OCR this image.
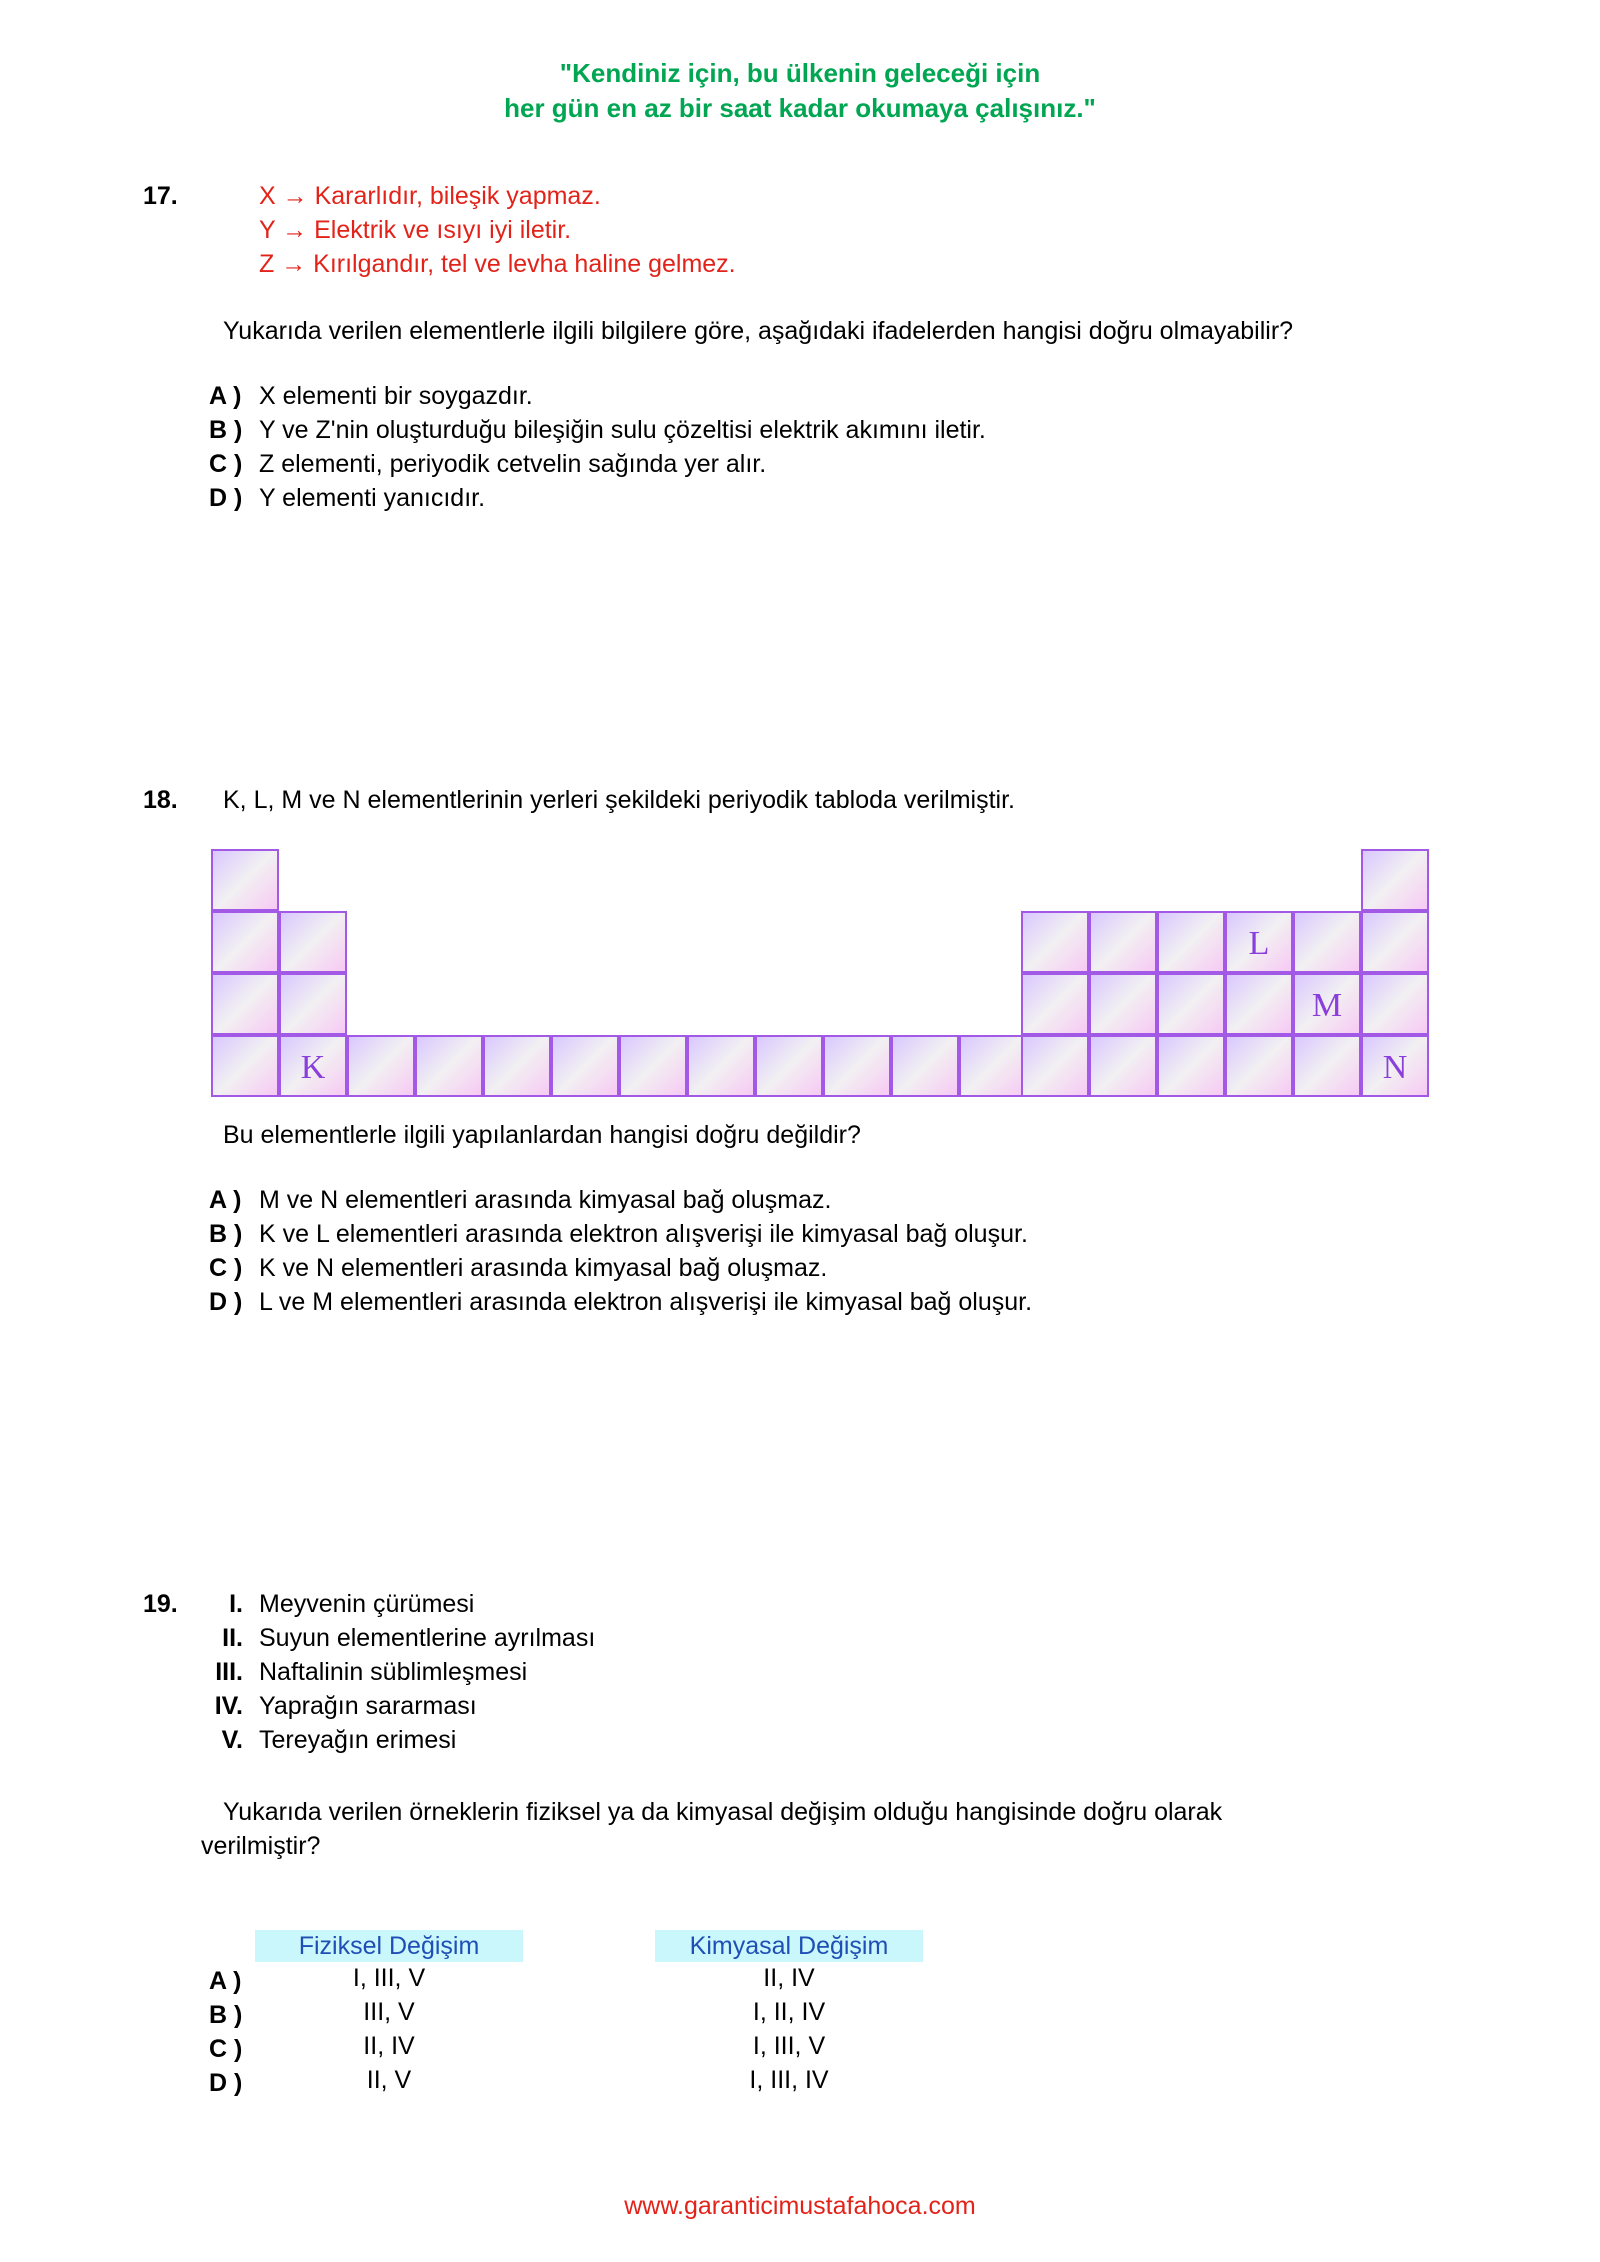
"Kendiniz için, bu ülkenin geleceği için
her gün en az bir saat kadar okumaya çalışınız."
17.	X → Kararlıdır, bileşik yapmaz.
Y → Elektrik ve ısıyı iyi iletir.
Z → Kırılgandır, tel ve levha haline gelmez.
Yukarıda verilen elementlerle ilgili bilgilere göre, aşağıdaki ifadelerden hangisi doğru olmayabilir?
A ) X elementi bir soygazdır.
B ) Y ve Z'nin oluşturduğu bileşiğin sulu çözeltisi elektrik akımını iletir.
C ) Z elementi, periyodik cetvelin sağında yer alır.
D ) Y elementi yanıcıdır.
18. K, L, M ve N elementlerinin yerleri şekildeki periyodik tabloda verilmiştir.
L
M
K	N
Bu elementlerle ilgili yapılanlardan hangisi doğru değildir?
A ) M ve N elementleri arasında kimyasal bağ oluşmaz.
B ) K ve L elementleri arasında elektron alışverişi ile kimyasal bağ oluşur.
C ) K ve N elementleri arasında kimyasal bağ oluşmaz.
D ) L ve M elementleri arasında elektron alışverişi ile kimyasal bağ oluşur.
19.	I. Meyvenin çürümesi
II. Suyun elementlerine ayrılması
III. Naftalinin süblimleşmesi
IV. Yaprağın sararması
V. Tereyağın erimesi
Yukarıda verilen örneklerin fiziksel ya da kimyasal değişim olduğu hangisinde doğru olarak
verilmiştir?
Fiziksel Değişim	Kimyasal Değişim
A )	I, III, V	II, IV
B )	III, V	I, II, IV
C )	II, IV	I, III, V
D )	II, V	I, III, IV
www.garanticimustafahoca.com
